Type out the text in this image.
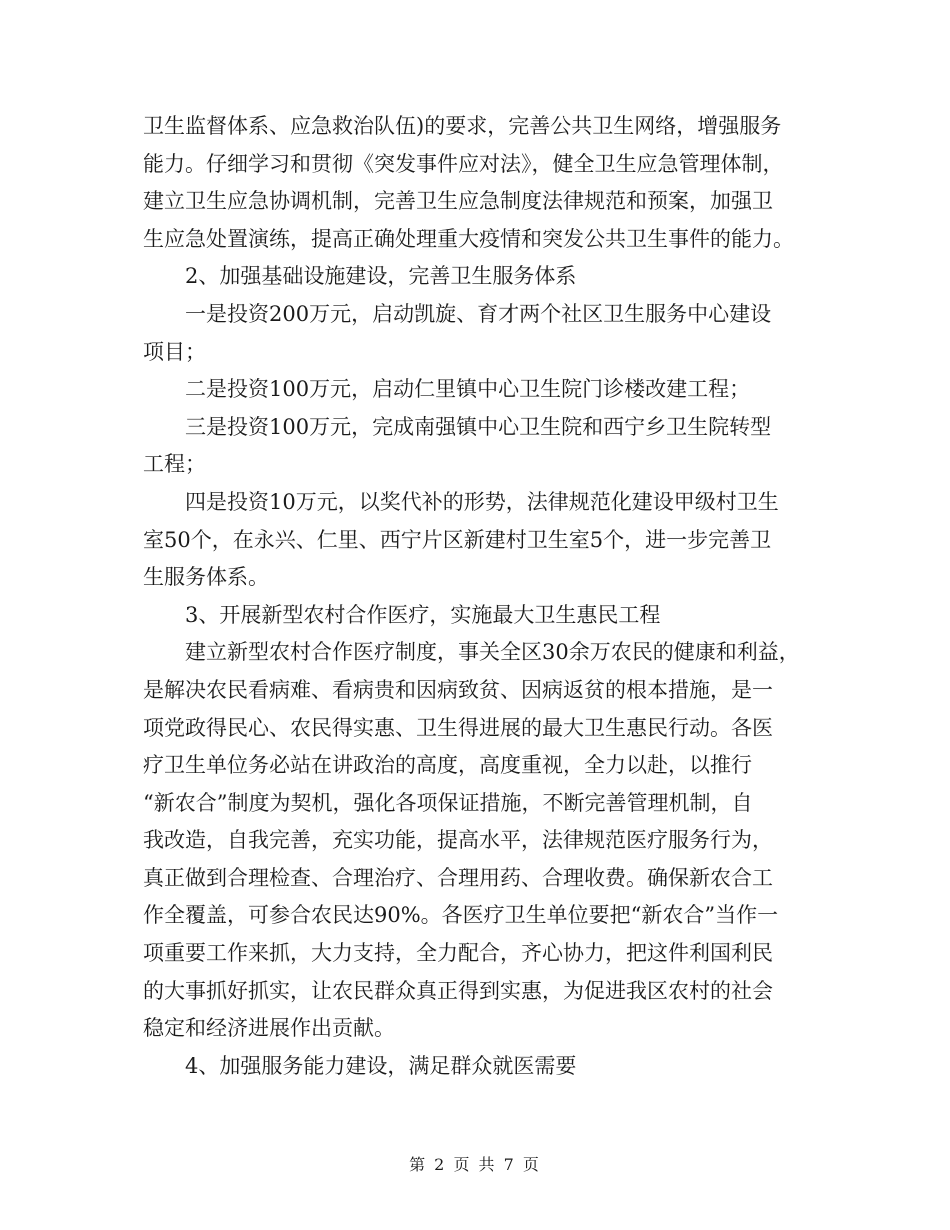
卫生监督体系、应急救治队伍)的要求，完善公共卫生网络，增强服务
能力。仔细学习和贯彻《突发事件应对法》，健全卫生应急管理体制，
建立卫生应急协调机制，完善卫生应急制度法律规范和预案，加强卫
生应急处置演练，提高正确处理重大疫情和突发公共卫生事件的能力。
2、加强基础设施建设，完善卫生服务体系
一是投资200万元，启动凯旋、育才两个社区卫生服务中心建设
项目；
二是投资100万元，启动仁里镇中心卫生院门诊楼改建工程；
三是投资100万元，完成南强镇中心卫生院和西宁乡卫生院转型
工程；
四是投资10万元，以奖代补的形势，法律规范化建设甲级村卫生
室50个，在永兴、仁里、西宁片区新建村卫生室5个，进一步完善卫
生服务体系。
3、开展新型农村合作医疗，实施最大卫生惠民工程
建立新型农村合作医疗制度，事关全区30余万农民的健康和利益，
是解决农民看病难、看病贵和因病致贫、因病返贫的根本措施，是一
项党政得民心、农民得实惠、卫生得进展的最大卫生惠民行动。各医
疗卫生单位务必站在讲政治的高度，高度重视，全力以赴，以推行
“新农合”制度为契机，强化各项保证措施，不断完善管理机制，自
我改造，自我完善，充实功能，提高水平，法律规范医疗服务行为，
真正做到合理检查、合理治疗、合理用药、合理收费。确保新农合工
作全覆盖，可参合农民达90%。各医疗卫生单位要把“新农合”当作一
项重要工作来抓，大力支持，全力配合，齐心协力，把这件利国利民
的大事抓好抓实，让农民群众真正得到实惠，为促进我区农村的社会
稳定和经济进展作出贡献。
4、加强服务能力建设，满足群众就医需要
第 2 页 共 7 页
